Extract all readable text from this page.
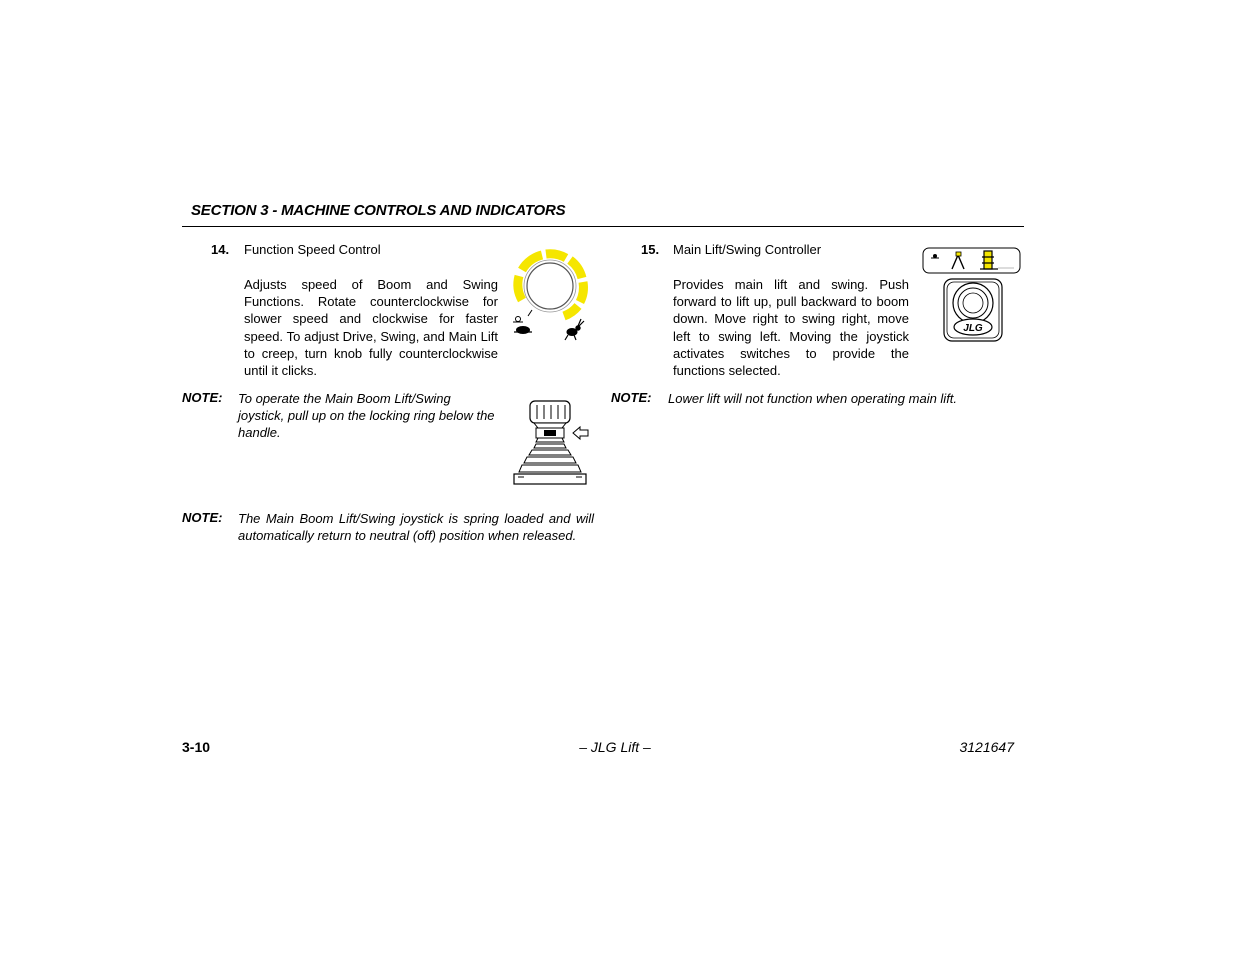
SECTION 3 - MACHINE CONTROLS AND INDICATORS
14. Function Speed Control
Adjusts speed of Boom and Swing Functions. Rotate counterclockwise for slower speed and clockwise for faster speed. To adjust Drive, Swing, and Main Lift to creep, turn knob fully counterclockwise until it clicks.
NOTE: To operate the Main Boom Lift/Swing joystick, pull up on the locking ring below the handle.
NOTE: The Main Boom Lift/Swing joystick is spring loaded and will automatically return to neutral (off) position when released.
15. Main Lift/Swing Controller
Provides main lift and swing. Push forward to lift up, pull backward to boom down. Move right to swing right, move left to swing left. Moving the joystick activates switches to provide the functions selected.
JLG
NOTE: Lower lift will not function when operating main lift.
3-10	– JLG Lift –	3121647
